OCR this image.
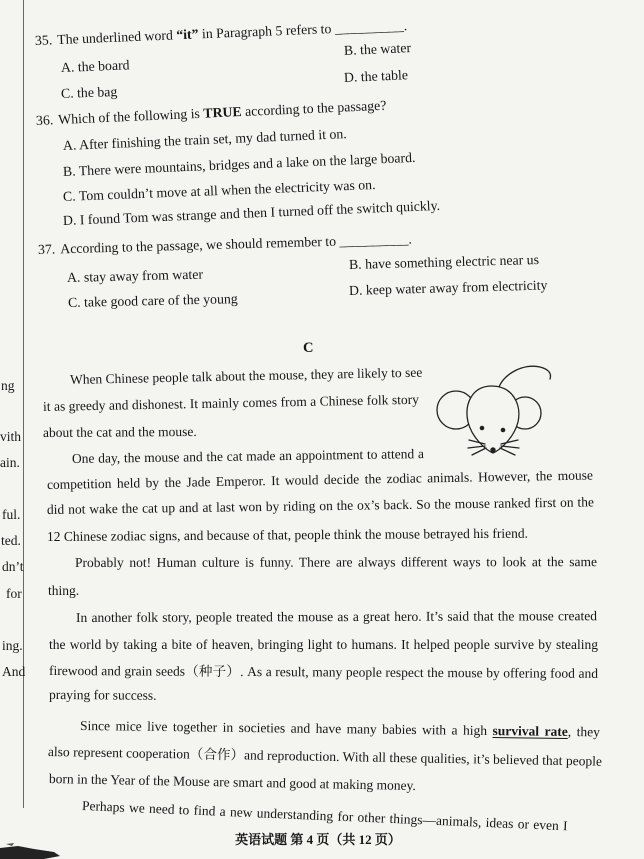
ng
vith
ain.
ful.
ted.
dn’t
for
ing.
And
35. The underlined word “it” in Paragraph 5 refers to __________.
A. the board
B. the water
C. the bag
D. the table
36. Which of the following is TRUE according to the passage?
A. After finishing the train set, my dad turned it on.
B. There were mountains, bridges and a lake on the large board.
C. Tom couldn’t move at all when the electricity was on.
D. I found Tom was strange and then I turned off the switch quickly.
37. According to the passage, we should remember to __________.
A. stay away from water
B. have something electric near us
C. take good care of the young
D. keep water away from electricity
C
When Chinese people talk about the mouse, they are likely to see
it as greedy and dishonest. It mainly comes from a Chinese folk story
about the cat and the mouse.
One day, the mouse and the cat made an appointment to attend a
competition held by the Jade Emperor. It would decide the zodiac animals. However, the mouse
did not wake the cat up and at last won by riding on the ox’s back. So the mouse ranked first on the
12 Chinese zodiac signs, and because of that, people think the mouse betrayed his friend.
Probably not! Human culture is funny. There are always different ways to look at the same
thing.
In another folk story, people treated the mouse as a great hero. It’s said that the mouse created
the world by taking a bite of heaven, bringing light to humans. It helped people survive by stealing
firewood and grain seeds（种子）. As a result, many people respect the mouse by offering food and
praying for success.
Since mice live together in societies and have many babies with a high survival rate, they
also represent cooperation（合作）and reproduction. With all these qualities, it’s believed that people
born in the Year of the Mouse are smart and good at making money.
Perhaps we need to find a new understanding for other things—animals, ideas or even I
英语试题 第 4 页（共 12 页）
